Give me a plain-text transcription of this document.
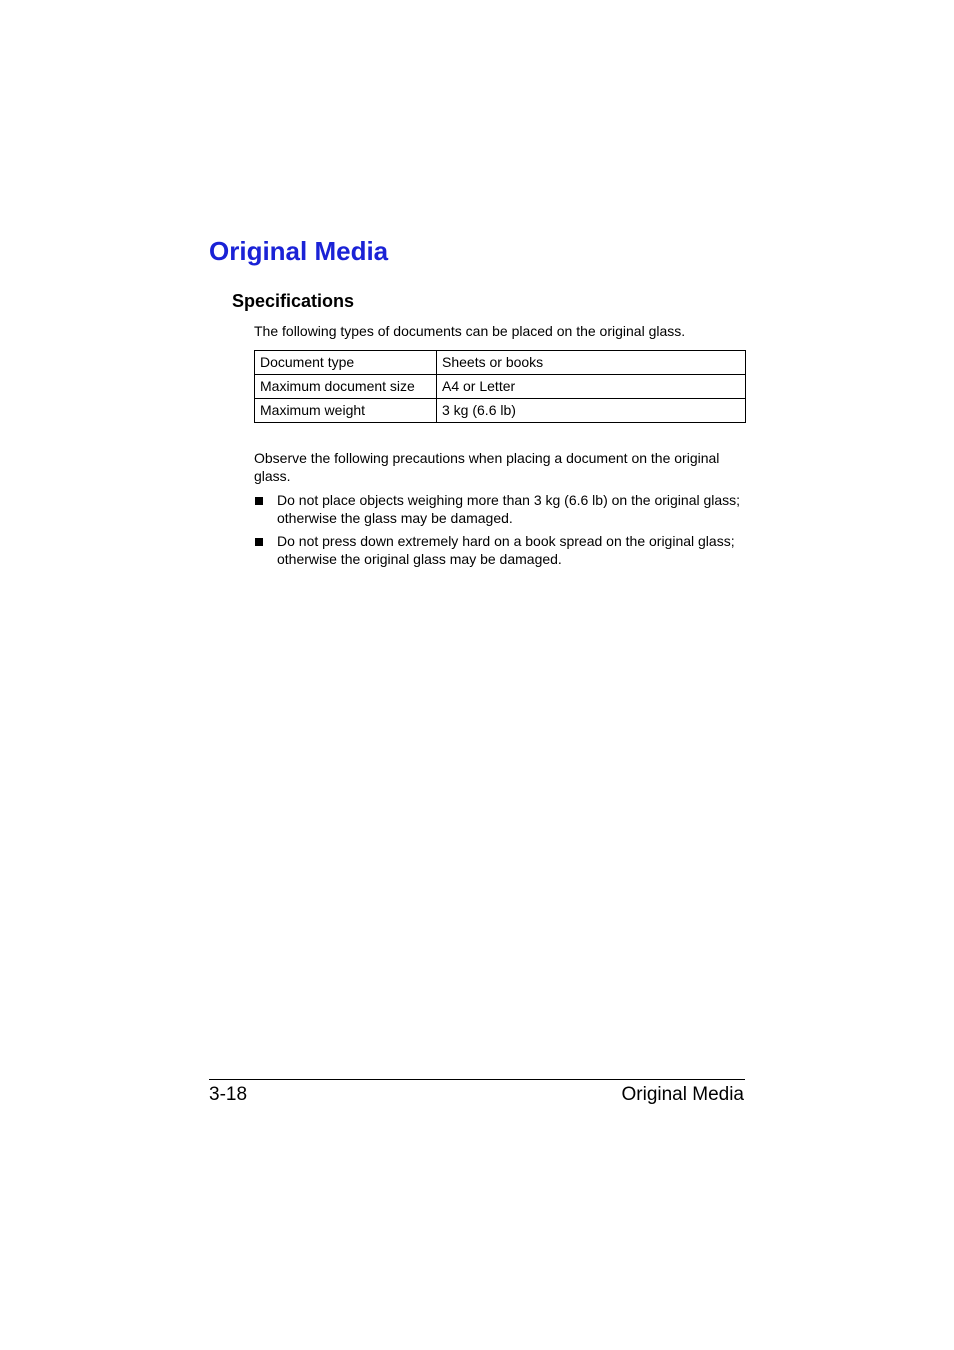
Original Media
Specifications

The following types of documents can be placed on the original glass.

Document type	Sheets or books
Maximum document size	A4 or Letter
Maximum weight	3 kg (6.6 lb)

Observe the following precautions when placing a document on the original glass.

Do not place objects weighing more than 3 kg (6.6 lb) on the original glass; otherwise the glass may be damaged.
Do not press down extremely hard on a book spread on the original glass; otherwise the original glass may be damaged.
3-18	Original Media
